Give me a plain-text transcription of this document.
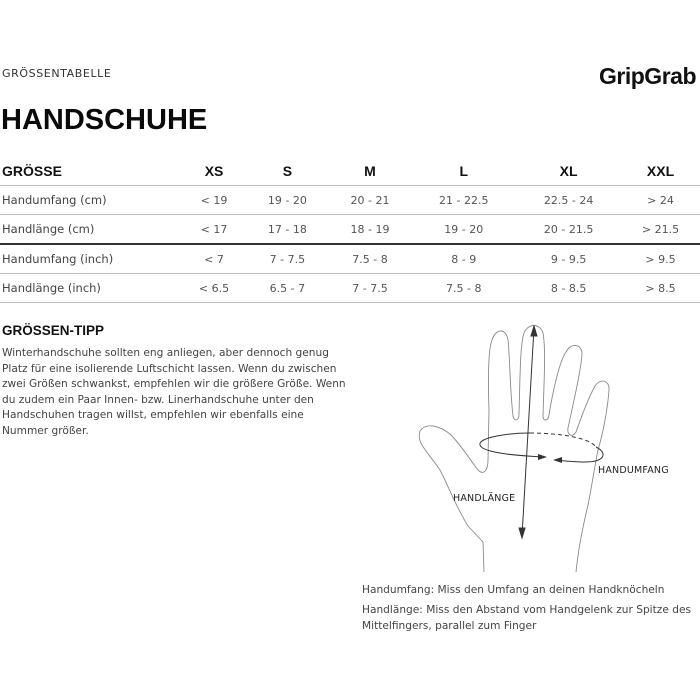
GRÖSSENTABELLE	GripGrab
HANDSCHUHE
GRÖSSE	XS	S	M	L	XL	XXL
Handumfang (cm)	< 19	19 - 20	20 - 21	21 - 22.5	22.5 - 24	> 24
Handlänge (cm)	< 17	17 - 18	18 - 19	19 - 20	20 - 21.5	> 21.5
Handumfang (inch)	< 7	7 - 7.5	7.5 - 8	8 - 9	9 - 9.5	> 9.5
Handlänge (inch)	< 6.5	6.5 - 7	7 - 7.5	7.5 - 8	8 - 8.5	> 8.5
GRÖSSEN-TIPP
Winterhandschuhe sollten eng anliegen, aber dennoch genug Platz für eine isolierende Luftschicht lassen. Wenn du zwischen zwei Größen schwankst, empfehlen wir die größere Größe. Wenn du zudem ein Paar Innen- bzw. Linerhandschuhe unter den Handschuhen tragen willst, empfehlen wir ebenfalls eine Nummer größer.
HANDLÄNGE
HANDUMFANG
Handumfang: Miss den Umfang an deinen Handknöcheln
Handlänge: Miss den Abstand vom Handgelenk zur Spitze des Mittelfingers, parallel zum Finger
